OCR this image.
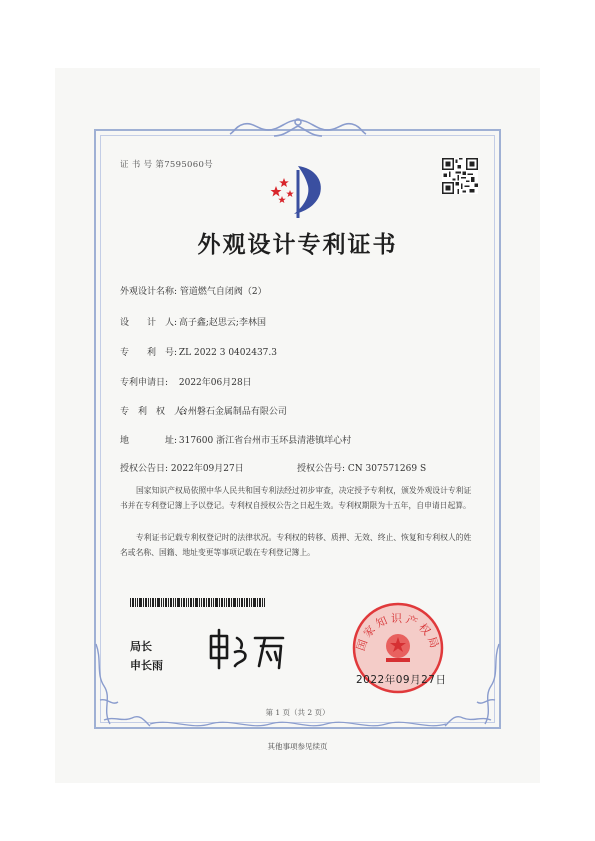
证 书 号 第7595060号
外观设计专利证书
外观设计名称: 管道燃气自闭阀（2）
设　　计　人: 高子鑫;赵思云;李林国
专　　利　号: ZL 2022 3 0402437.3
专利申请日: 2022年06月28日
专　利　权　人: 台州磐石金属制品有限公司
地　　　　址: 317600 浙江省台州市玉环县清港镇垟心村
授权公告日: 2022年09月27日	授权公告号: CN 307571269 S
国家知识产权局依照中华人民共和国专利法经过初步审查，决定授予专利权，颁发外观设计专利证书并在专利登记簿上予以登记。专利权自授权公告之日起生效。专利权期限为十五年，自申请日起算。
专利证书记载专利权登记时的法律状况。专利权的转移、质押、无效、终止、恢复和专利权人的姓名或名称、国籍、地址变更等事项记载在专利登记簿上。
局长
申长雨
国家知识产权局
2022年09月27日
第 1 页（共 2 页）
其他事项参见续页
